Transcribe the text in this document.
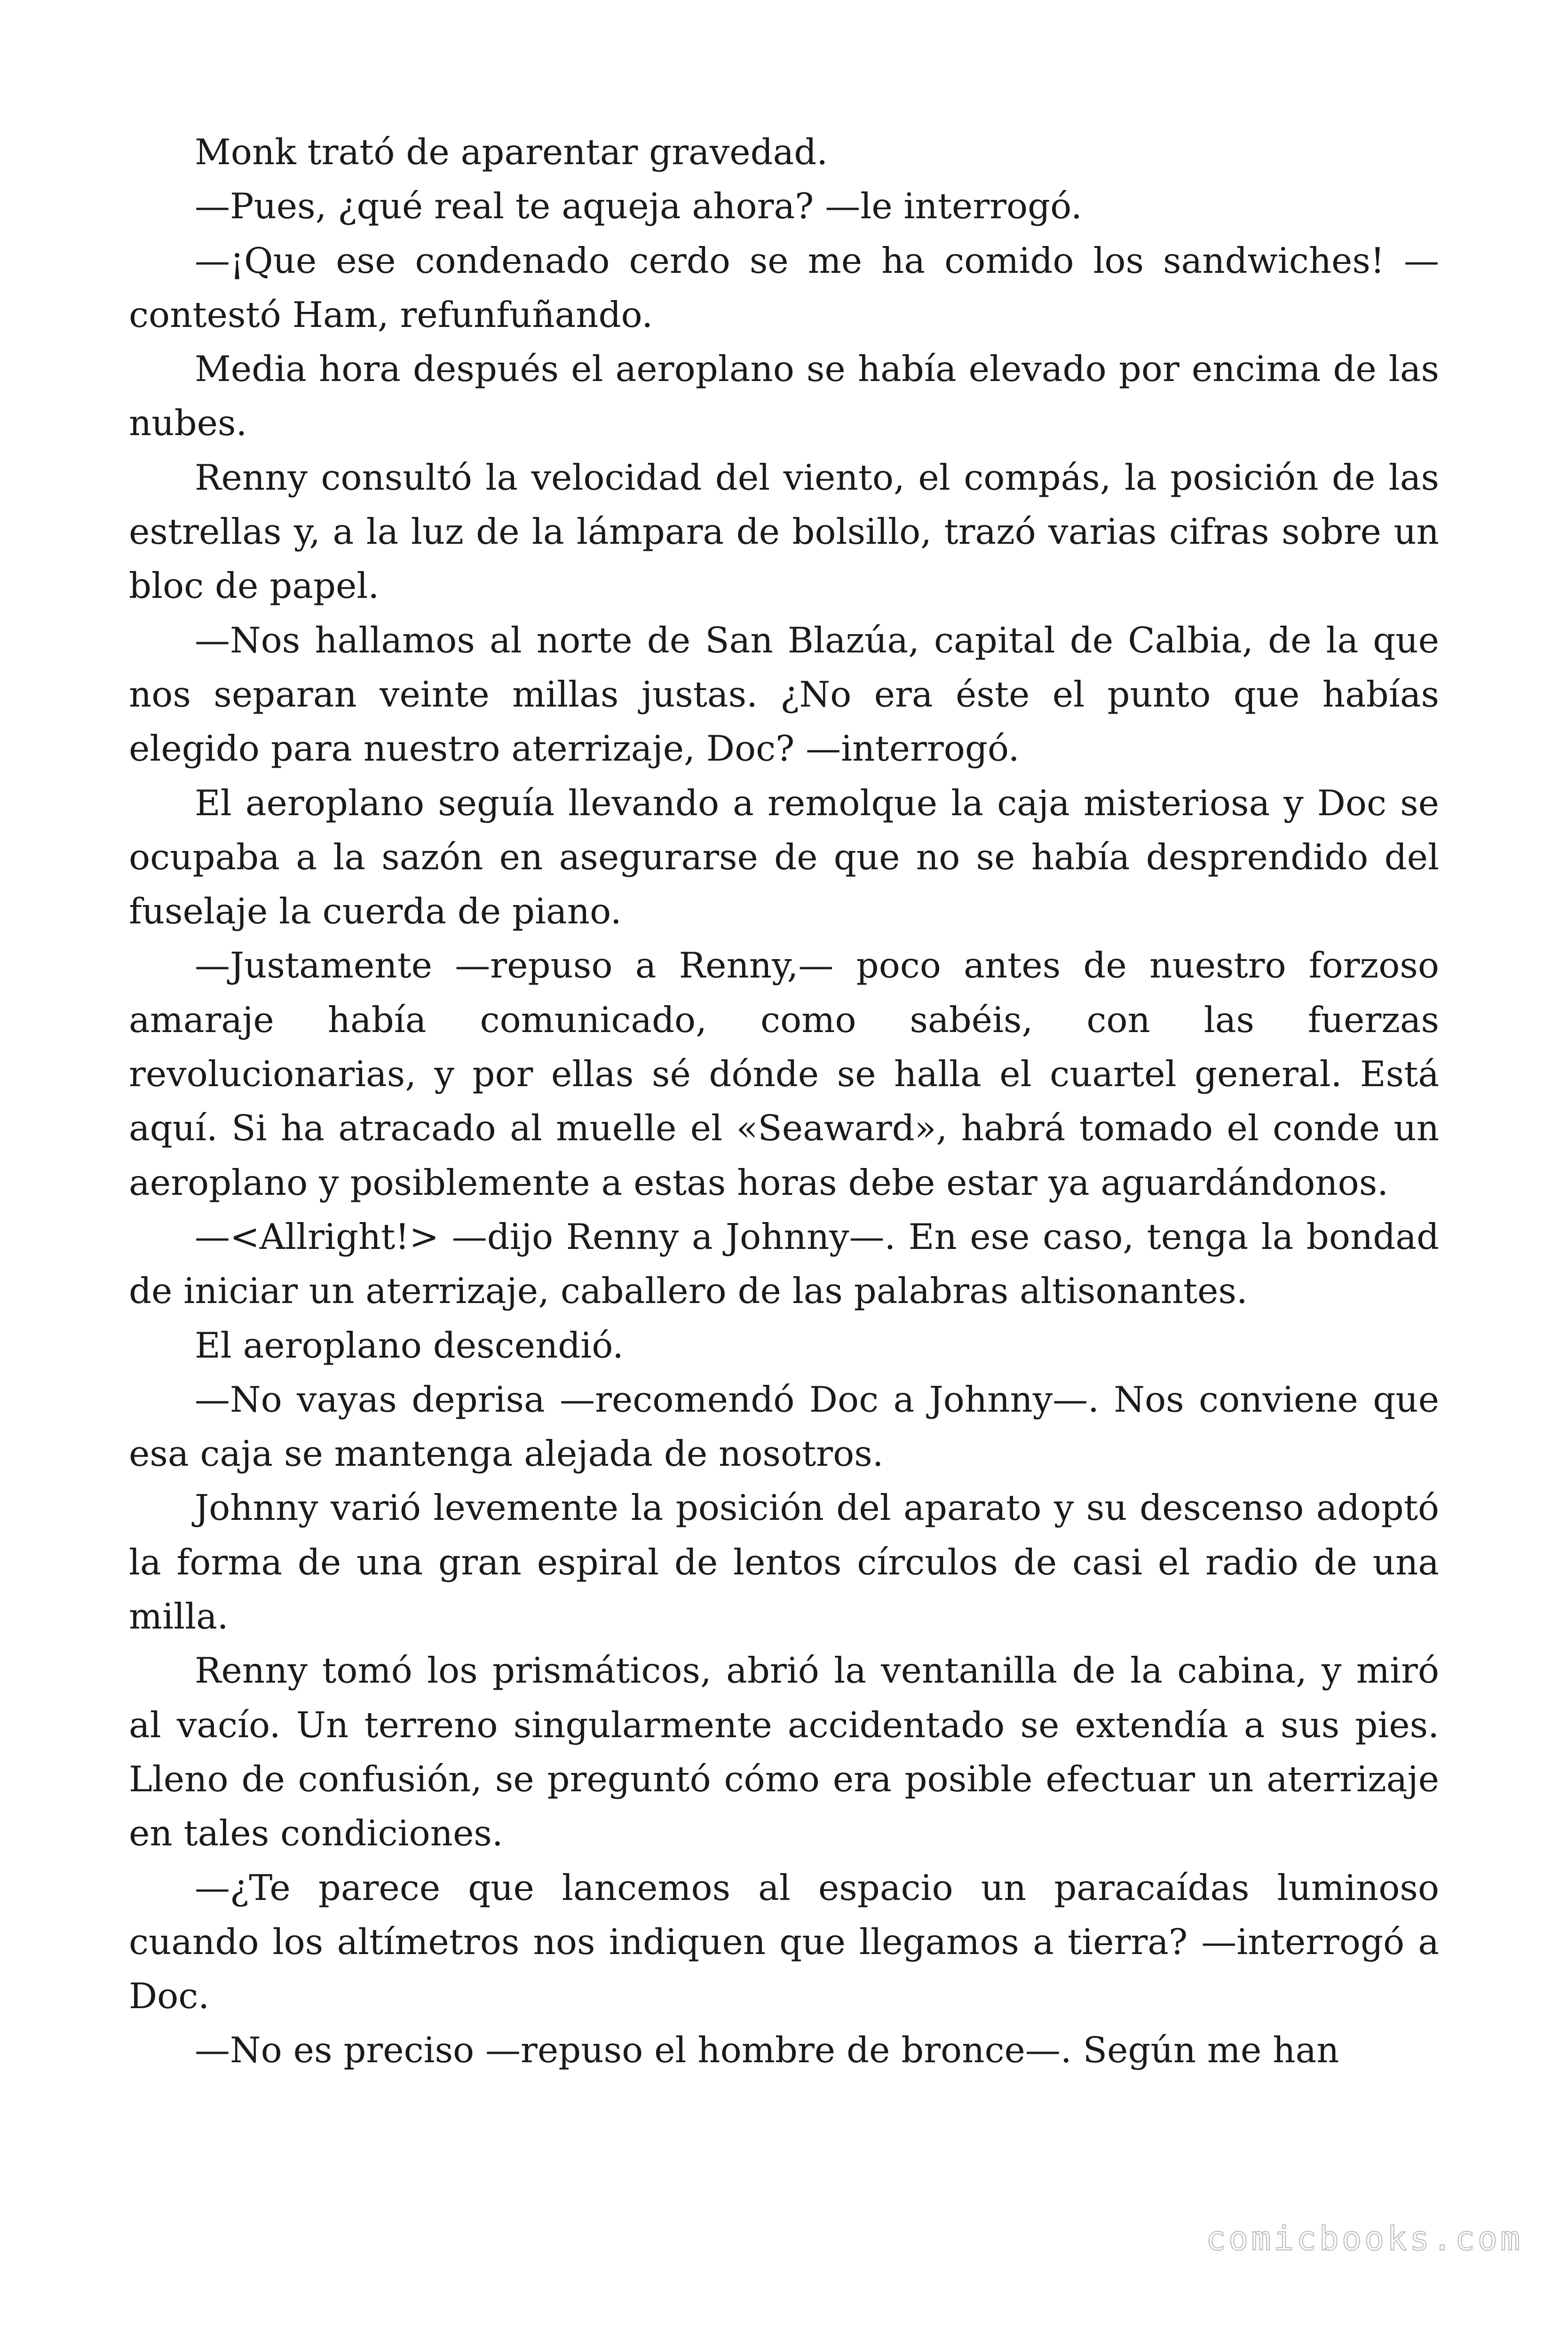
Monk trató de aparentar gravedad.

—Pues, ¿qué real te aqueja ahora? —le interrogó.

—¡Que ese condenado cerdo se me ha comido los sandwiches! —contestó Ham, refunfuñando.

Media hora después el aeroplano se había elevado por encima de las nubes.

Renny consultó la velocidad del viento, el compás, la posición de las estrellas y, a la luz de la lámpara de bolsillo, trazó varias cifras sobre un bloc de papel.

—Nos hallamos al norte de San Blazúa, capital de Calbia, de la que nos separan veinte millas justas. ¿No era éste el punto que habías elegido para nuestro aterrizaje, Doc? —interrogó.

El aeroplano seguía llevando a remolque la caja misteriosa y Doc se ocupaba a la sazón en asegurarse de que no se había desprendido del fuselaje la cuerda de piano.

—Justamente —repuso a Renny,— poco antes de nuestro forzoso amaraje había comunicado, como sabéis, con las fuerzas revolucionarias, y por ellas sé dónde se halla el cuartel general. Está aquí. Si ha atracado al muelle el «Seaward», habrá tomado el conde un aeroplano y posiblemente a estas horas debe estar ya aguardándonos.

—<Allright!> —dijo Renny a Johnny—. En ese caso, tenga la bondad de iniciar un aterrizaje, caballero de las palabras altisonantes.

El aeroplano descendió.

—No vayas deprisa —recomendó Doc a Johnny—. Nos conviene que esa caja se mantenga alejada de nosotros.

Johnny varió levemente la posición del aparato y su descenso adoptó la forma de una gran espiral de lentos círculos de casi el radio de una milla.

Renny tomó los prismáticos, abrió la ventanilla de la cabina, y miró al vacío. Un terreno singularmente accidentado se extendía a sus pies. Lleno de confusión, se preguntó cómo era posible efectuar un aterrizaje en tales condiciones.

—¿Te parece que lancemos al espacio un paracaídas luminoso cuando los altímetros nos indiquen que llegamos a tierra? —interrogó a Doc.

—No es preciso —repuso el hombre de bronce—. Según me han

comicbooks.com
